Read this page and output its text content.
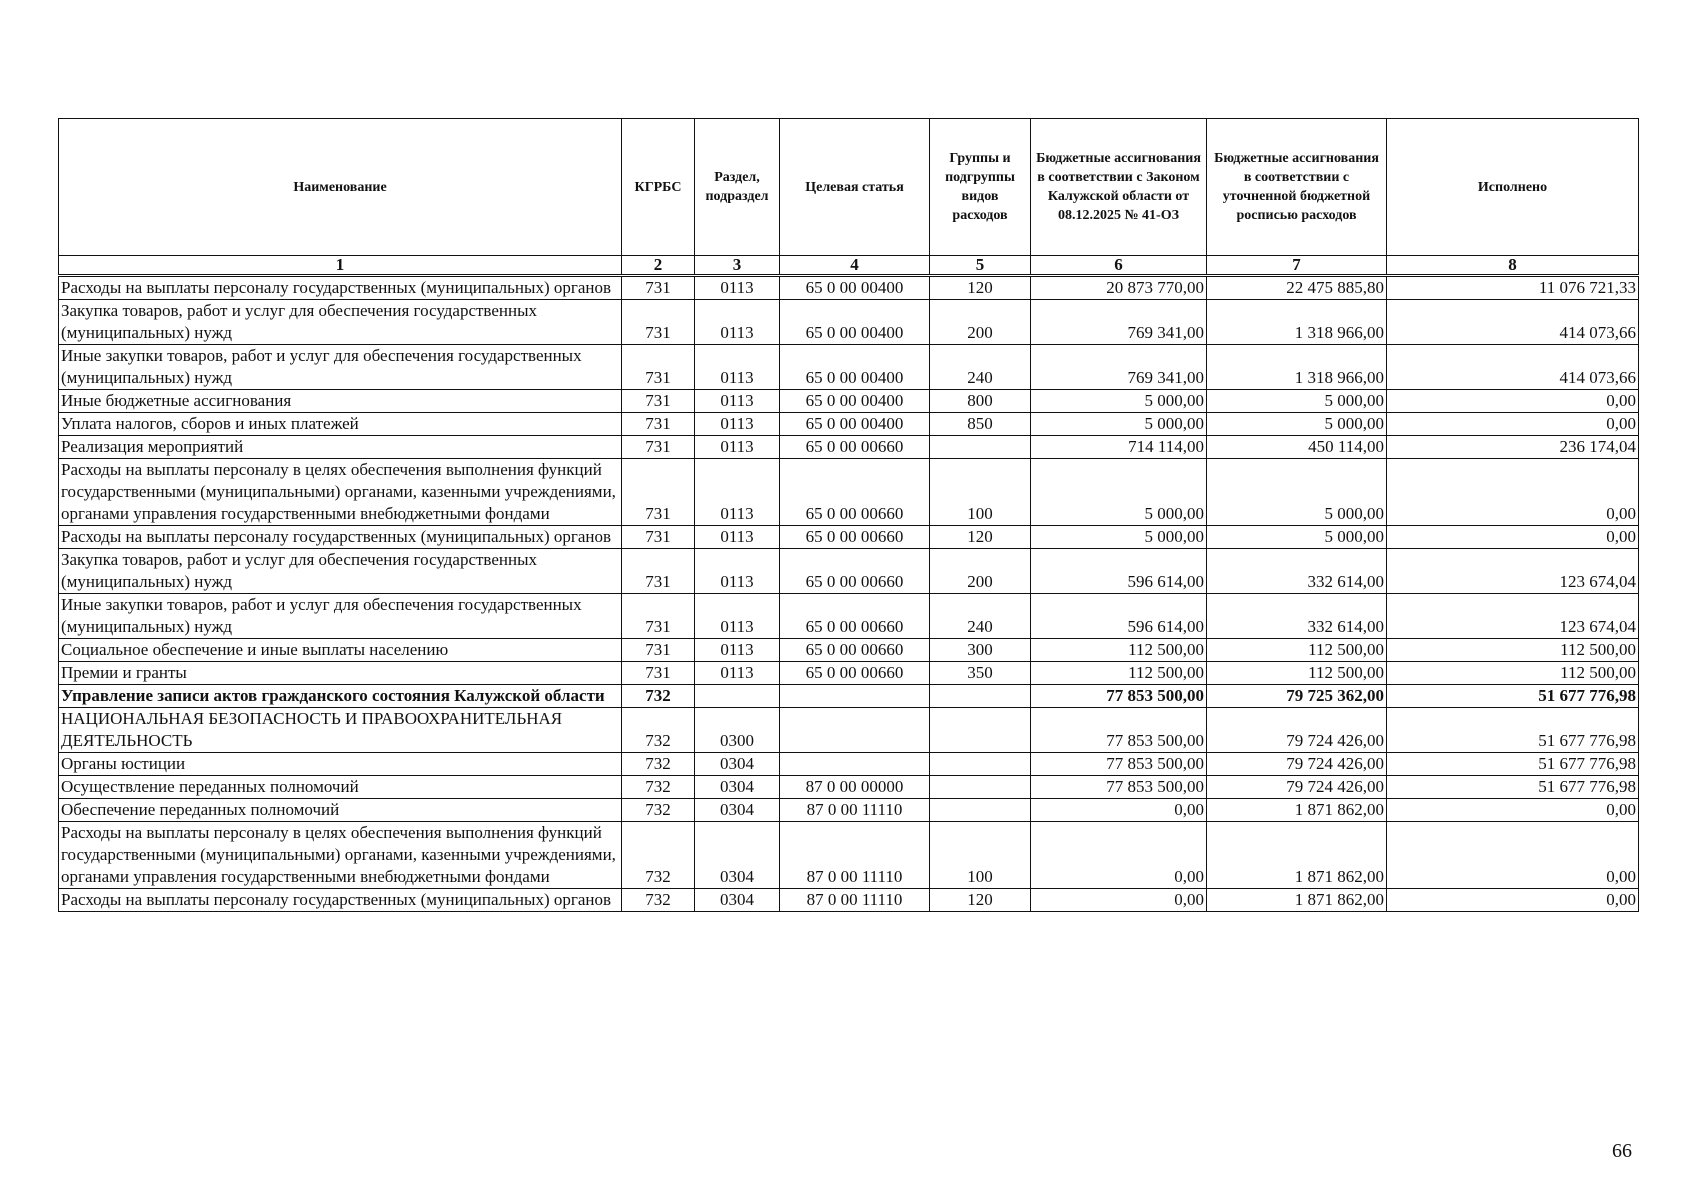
Наименование	КГРБС	Раздел, подраздел	Целевая статья	Группы и подгруппы видов расходов	Бюджетные ассигнования в соответствии с Законом Калужской области от 08.12.2025 № 41-ОЗ	Бюджетные ассигнования в соответствии с уточненной бюджетной росписью расходов	Исполнено
1	2	3	4	5	6	7	8
Расходы на выплаты персоналу государственных (муниципальных) органов	731	0113	65 0 00 00400	120	20 873 770,00	22 475 885,80	11 076 721,33
Закупка товаров, работ и услуг для обеспечения государственных (муниципальных) нужд	731	0113	65 0 00 00400	200	769 341,00	1 318 966,00	414 073,66
Иные закупки товаров, работ и услуг для обеспечения государственных (муниципальных) нужд	731	0113	65 0 00 00400	240	769 341,00	1 318 966,00	414 073,66
Иные бюджетные ассигнования	731	0113	65 0 00 00400	800	5 000,00	5 000,00	0,00
Уплата налогов, сборов и иных платежей	731	0113	65 0 00 00400	850	5 000,00	5 000,00	0,00
Реализация мероприятий	731	0113	65 0 00 00660		714 114,00	450 114,00	236 174,04
Расходы на выплаты персоналу в целях обеспечения выполнения функций государственными (муниципальными) органами, казенными учреждениями, органами управления государственными внебюджетными фондами	731	0113	65 0 00 00660	100	5 000,00	5 000,00	0,00
Расходы на выплаты персоналу государственных (муниципальных) органов	731	0113	65 0 00 00660	120	5 000,00	5 000,00	0,00
Закупка товаров, работ и услуг для обеспечения государственных (муниципальных) нужд	731	0113	65 0 00 00660	200	596 614,00	332 614,00	123 674,04
Иные закупки товаров, работ и услуг для обеспечения государственных (муниципальных) нужд	731	0113	65 0 00 00660	240	596 614,00	332 614,00	123 674,04
Социальное обеспечение и иные выплаты населению	731	0113	65 0 00 00660	300	112 500,00	112 500,00	112 500,00
Премии и гранты	731	0113	65 0 00 00660	350	112 500,00	112 500,00	112 500,00
Управление записи актов гражданского состояния Калужской области	732				77 853 500,00	79 725 362,00	51 677 776,98
НАЦИОНАЛЬНАЯ БЕЗОПАСНОСТЬ И ПРАВООХРАНИТЕЛЬНАЯ ДЕЯТЕЛЬНОСТЬ	732	0300			77 853 500,00	79 724 426,00	51 677 776,98
Органы юстиции	732	0304			77 853 500,00	79 724 426,00	51 677 776,98
Осуществление переданных полномочий	732	0304	87 0 00 00000		77 853 500,00	79 724 426,00	51 677 776,98
Обеспечение переданных полномочий	732	0304	87 0 00 11110		0,00	1 871 862,00	0,00
Расходы на выплаты персоналу в целях обеспечения выполнения функций государственными (муниципальными) органами, казенными учреждениями, органами управления государственными внебюджетными фондами	732	0304	87 0 00 11110	100	0,00	1 871 862,00	0,00
Расходы на выплаты персоналу государственных (муниципальных) органов	732	0304	87 0 00 11110	120	0,00	1 871 862,00	0,00
66
